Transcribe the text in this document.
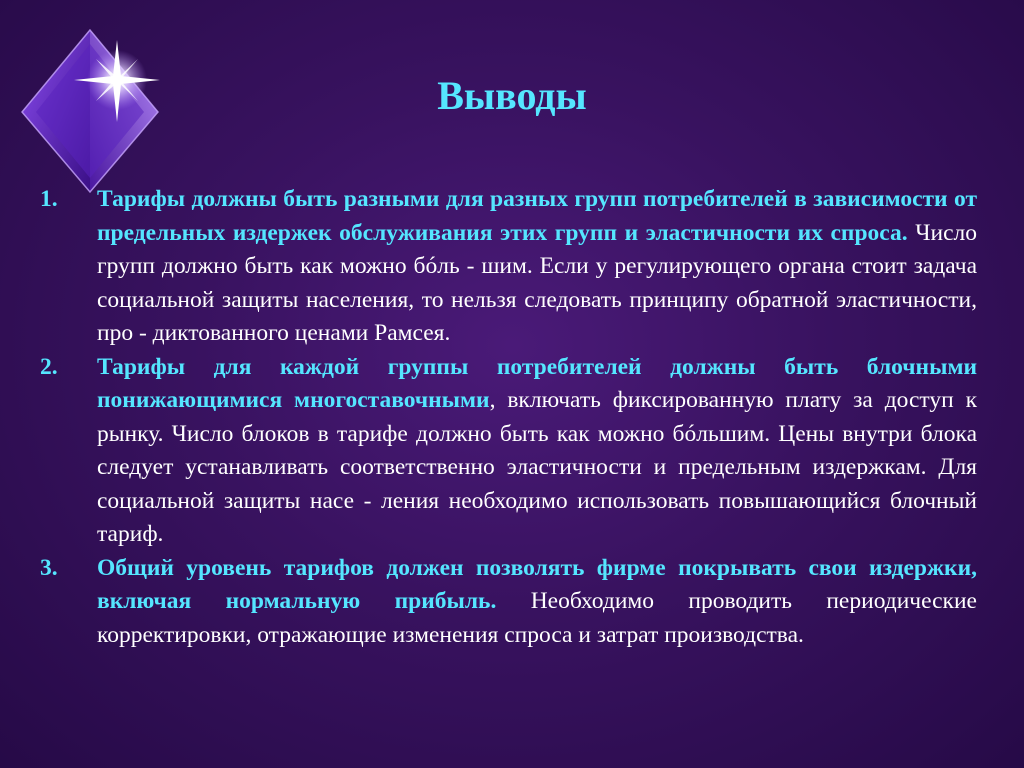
Выводы
1. Тарифы должны быть разными для разных групп потребителей в зависимости от предельных издержек обслуживания этих групп и эластичности их спроса. Число групп должно быть как можно бóль - шим. Если у регулирующего органа стоит задача социальной защиты населения, то нельзя следовать принципу обратной эластичности, про - диктованного ценами Рамсея.
2. Тарифы для каждой группы потребителей должны быть блочными понижающимися многоставочными, включать фиксированную плату за доступ к рынку. Число блоков в тарифе должно быть как можно бóльшим. Цены внутри блока следует устанавливать соответственно эластичности и предельным издержкам. Для социальной защиты насе - ления необходимо использовать повышающийся блочный тариф.
3. Общий уровень тарифов должен позволять фирме покрывать свои издержки, включая нормальную прибыль. Необходимо проводить периодические корректировки, отражающие изменения спроса и затрат производства.
